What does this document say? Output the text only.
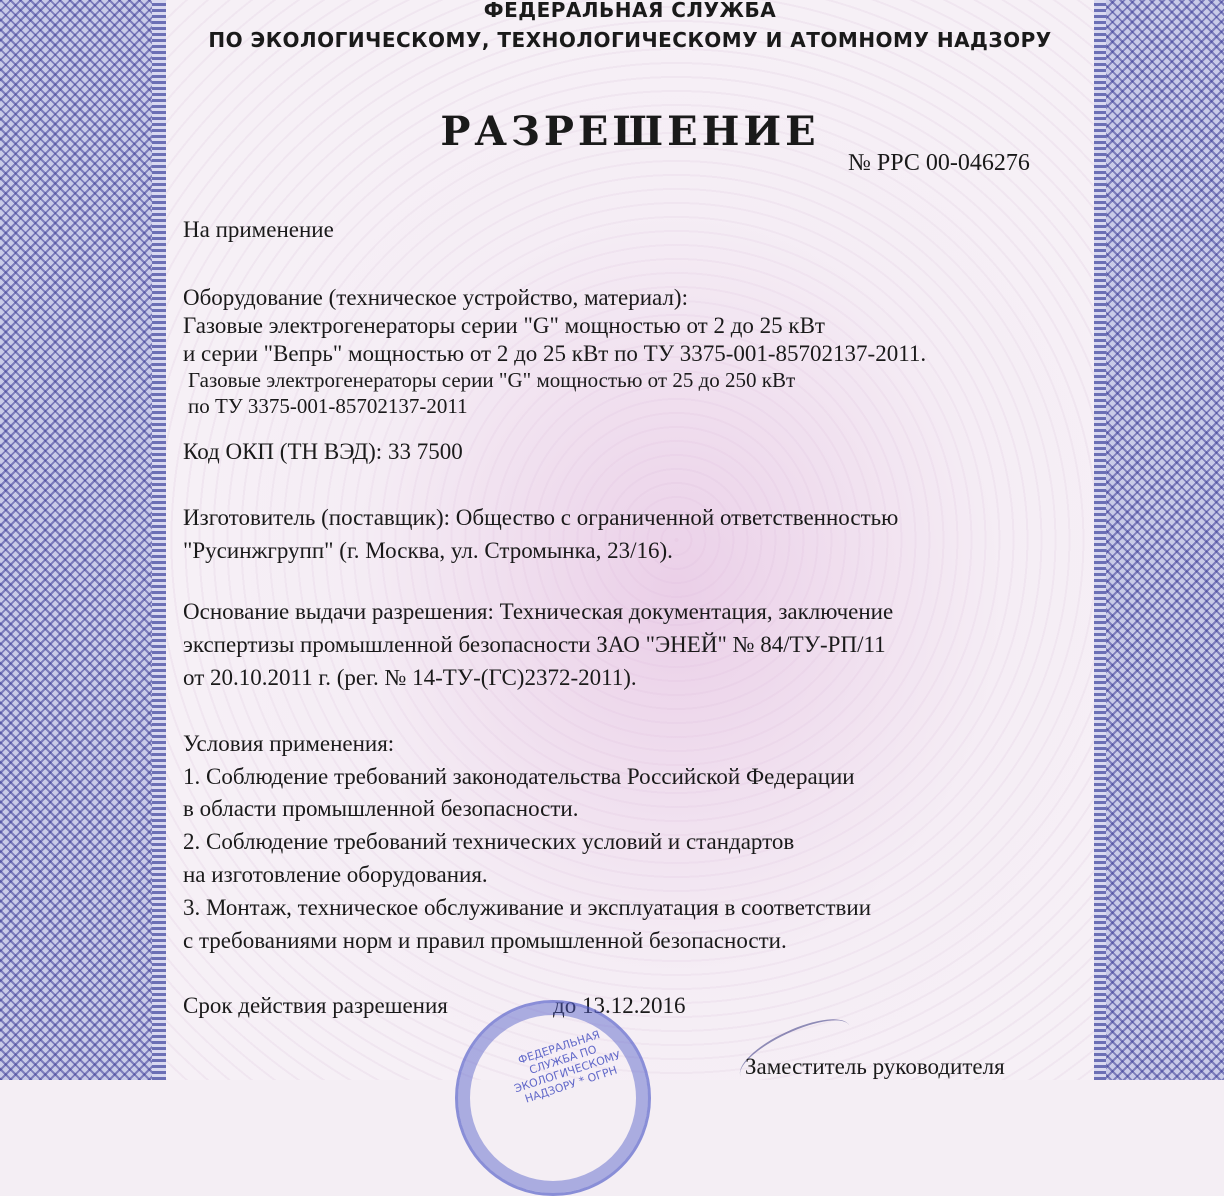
ФЕДЕРАЛЬНАЯ СЛУЖБА
ПО ЭКОЛОГИЧЕСКОМУ, ТЕХНОЛОГИЧЕСКОМУ И АТОМНОМУ НАДЗОРУ
РАЗРЕШЕНИЕ
№ РРС 00-046276
На применение
Оборудование (техническое устройство, материал):
Газовые электрогенераторы серии "G" мощностью от 2 до 25 кВт
и серии "Вепрь" мощностью от 2 до 25 кВт по ТУ 3375-001-85702137-2011.
Газовые электрогенераторы серии "G" мощностью от 25 до 250 кВт
по ТУ 3375-001-85702137-2011
Код ОКП (ТН ВЭД): 33 7500
Изготовитель (поставщик): Общество с ограниченной ответственностью
"Русинжгрупп" (г. Москва, ул. Стромынка, 23/16).
Основание выдачи разрешения: Техническая документация, заключение
экспертизы промышленной безопасности ЗАО "ЭНЕЙ" № 84/ТУ-РП/11
от 20.10.2011 г. (рег. № 14-ТУ-(ГС)2372-2011).
Условия применения:
1. Соблюдение требований законодательства Российской Федерации
в области промышленной безопасности.
2. Соблюдение требований технических условий и стандартов
на изготовление оборудования.
3. Монтаж, техническое обслуживание и эксплуатация в соответствии
с требованиями норм и правил промышленной безопасности.
Срок действия разрешения	до 13.12.2016
ФЕДЕРАЛЬНАЯ СЛУЖБА ПО ЭКОЛОГИЧЕСКОМУ НАДЗОРУ * ОГРН	Заместитель руководителя
